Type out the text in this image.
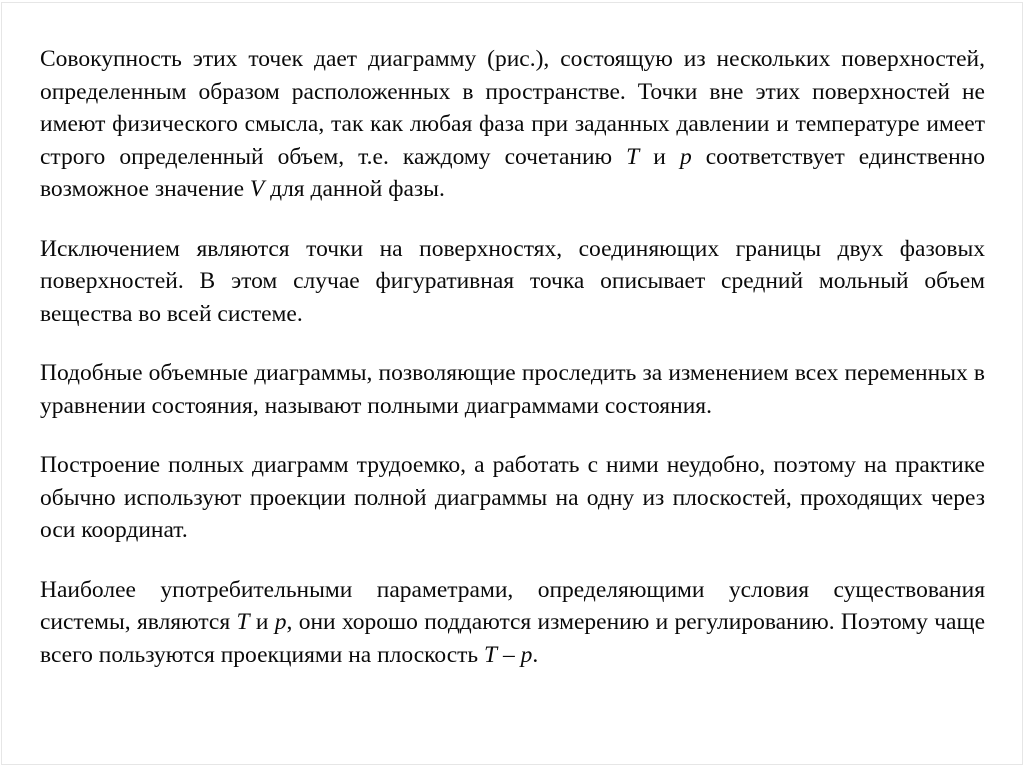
Совокупность этих точек дает диаграмму (рис.), состоящую из нескольких поверхностей, определенным образом расположенных в пространстве. Точки вне этих поверхностей не имеют физического смысла, так как любая фаза при заданных давлении и температуре имеет строго определенный объем, т.е. каждому сочетанию T и p соответствует единственно возможное значение V для данной фазы.

Исключением являются точки на поверхностях, соединяющих границы двух фазовых поверхностей. В этом случае фигуративная точка описывает средний мольный объем вещества во всей системе.

Подобные объемные диаграммы, позволяющие проследить за изменением всех переменных в уравнении состояния, называют полными диаграммами состояния.

Построение полных диаграмм трудоемко, а работать с ними неудобно, поэтому на практике обычно используют проекции полной диаграммы на одну из плоскостей, проходящих через оси координат.

Наиболее употребительными параметрами, определяющими условия существования системы, являются T и p, они хорошо поддаются измерению и регулированию. Поэтому чаще всего пользуются проекциями на плоскость T – p.
